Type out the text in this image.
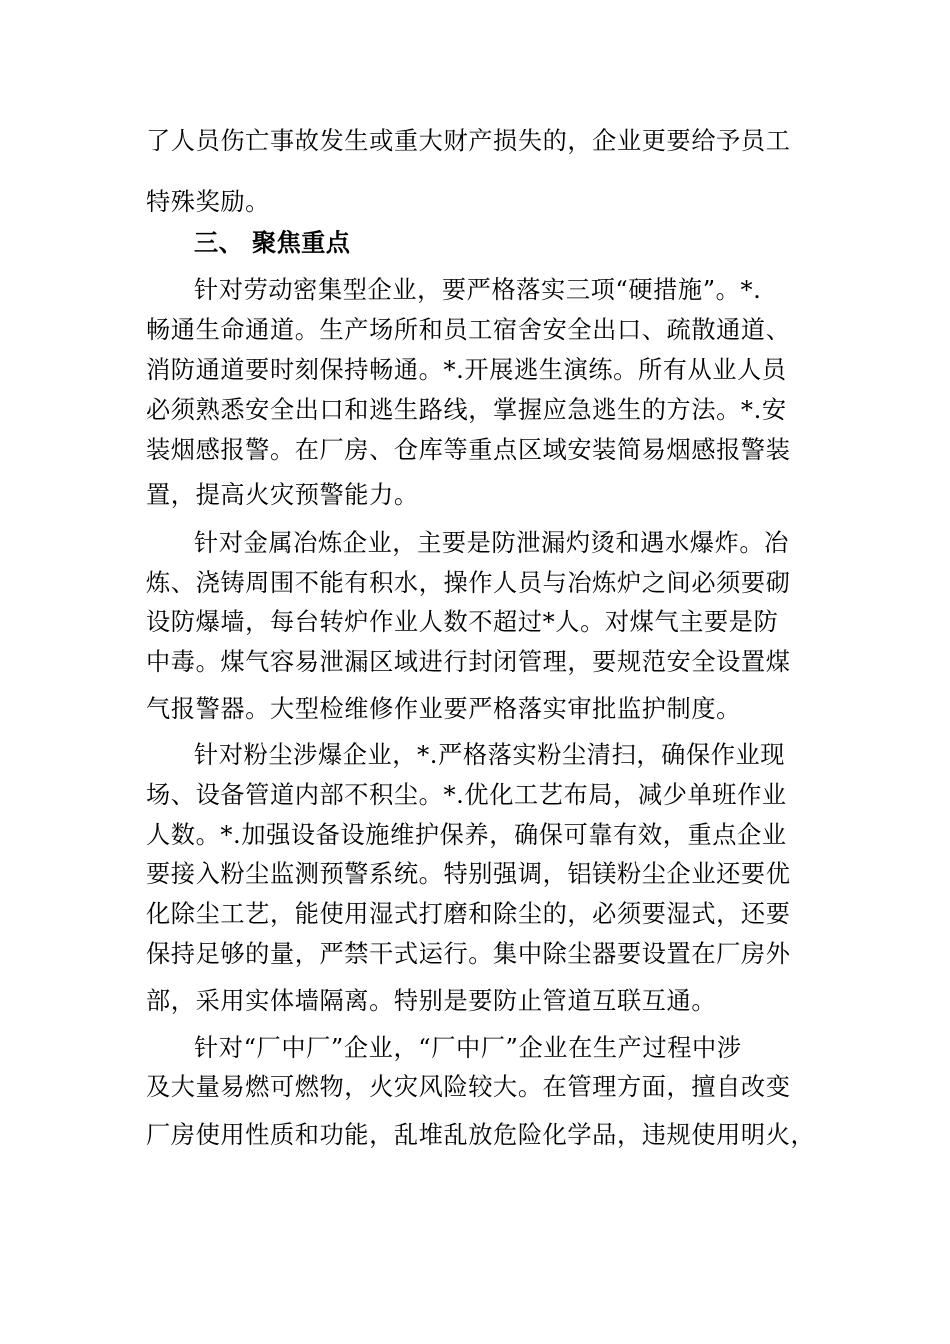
了人员伤亡事故发生或重大财产损失的，企业更要给予员工
特殊奖励。
三、 聚焦重点
针对劳动密集型企业，要严格落实三项“硬措施”。*.
畅通生命通道。生产场所和员工宿舍安全出口、疏散通道、
消防通道要时刻保持畅通。*.开展逃生演练。所有从业人员
必须熟悉安全出口和逃生路线，掌握应急逃生的方法。*.安
装烟感报警。在厂房、仓库等重点区域安装简易烟感报警装
置，提高火灾预警能力。
针对金属冶炼企业，主要是防泄漏灼烫和遇水爆炸。冶
炼、浇铸周围不能有积水，操作人员与冶炼炉之间必须要砌
设防爆墙，每台转炉作业人数不超过*人。对煤气主要是防
中毒。煤气容易泄漏区域进行封闭管理，要规范安全设置煤
气报警器。大型检维修作业要严格落实审批监护制度。
针对粉尘涉爆企业，*.严格落实粉尘清扫，确保作业现
场、设备管道内部不积尘。*.优化工艺布局，减少单班作业
人数。*.加强设备设施维护保养，确保可靠有效，重点企业
要接入粉尘监测预警系统。特别强调，铝镁粉尘企业还要优
化除尘工艺，能使用湿式打磨和除尘的，必须要湿式，还要
保持足够的量，严禁干式运行。集中除尘器要设置在厂房外
部，采用实体墙隔离。特别是要防止管道互联互通。
针对“厂中厂”企业，“厂中厂”企业在生产过程中涉
及大量易燃可燃物，火灾风险较大。在管理方面，擅自改变
厂房使用性质和功能，乱堆乱放危险化学品，违规使用明火，
